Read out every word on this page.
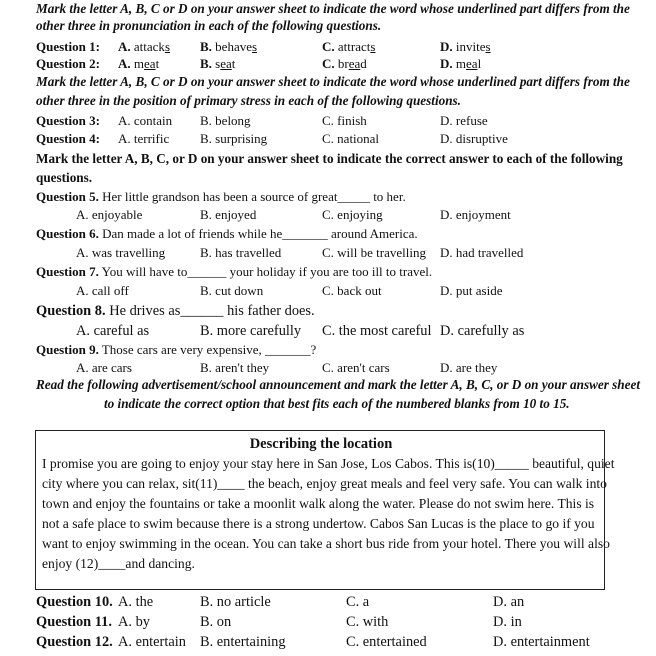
Mark the letter A, B, C or D on your answer sheet to indicate the word whose underlined part differs from the
other three in pronunciation in each of the following questions.
Question 1: A. attacks B. behaves	C. attracts	D. invites
Question 2: A. meat	B. seat	C. bread	D. meal
Mark the letter A, B, C or D on your answer sheet to indicate the word whose underlined part differs from the
other three in the position of primary stress in each of the following questions.
Question 3: A. contain B. belong	C. finish	D. refuse
Question 4: A. terrific B. surprising	C. national	D. disruptive
Mark the letter A, B, C, or D on your answer sheet to indicate the correct answer to each of the following
questions.
Question 5. Her little grandson has been a source of great_____ to her.
A. enjoyable	B. enjoyed	C. enjoying	D. enjoyment
Question 6. Dan made a lot of friends while he_______ around America.
A. was travelling	B. has travelled	C. will be travelling D. had travelled
Question 7. You will have to______ your holiday if you are too ill to travel.
A. call off	B. cut down	C. back out	D. put aside
Question 8. He drives as______ his father does.
A. careful as	B. more carefully C. the most careful D. carefully as
Question 9. Those cars are very expensive, _______?
A. are cars	B. aren't they	C. aren't cars	D. are they
Read the following advertisement/school announcement and mark the letter A, B, C, or D on your answer sheet
to indicate the correct option that best fits each of the numbered blanks from 10 to 15.
Describing the location
I promise you are going to enjoy your stay here in San Jose, Los Cabos. This is(10)_____ beautiful, quiet
city where you can relax, sit(11)____ the beach, enjoy great meals and feel very safe. You can walk into
town and enjoy the fountains or take a moonlit walk along the water. Please do not swim here. This is
not a safe place to swim because there is a strong undertow. Cabos San Lucas is the place to go if you
want to enjoy swimming in the ocean. You can take a short bus ride from your hotel. There you will also
enjoy (12)____and dancing.
Question 10. A. the	B. no article	C. a	D. an
Question 11. A. by	B. on	C. with	D. in
Question 12. A. entertain B. entertaining	C. entertained	D. entertainment
